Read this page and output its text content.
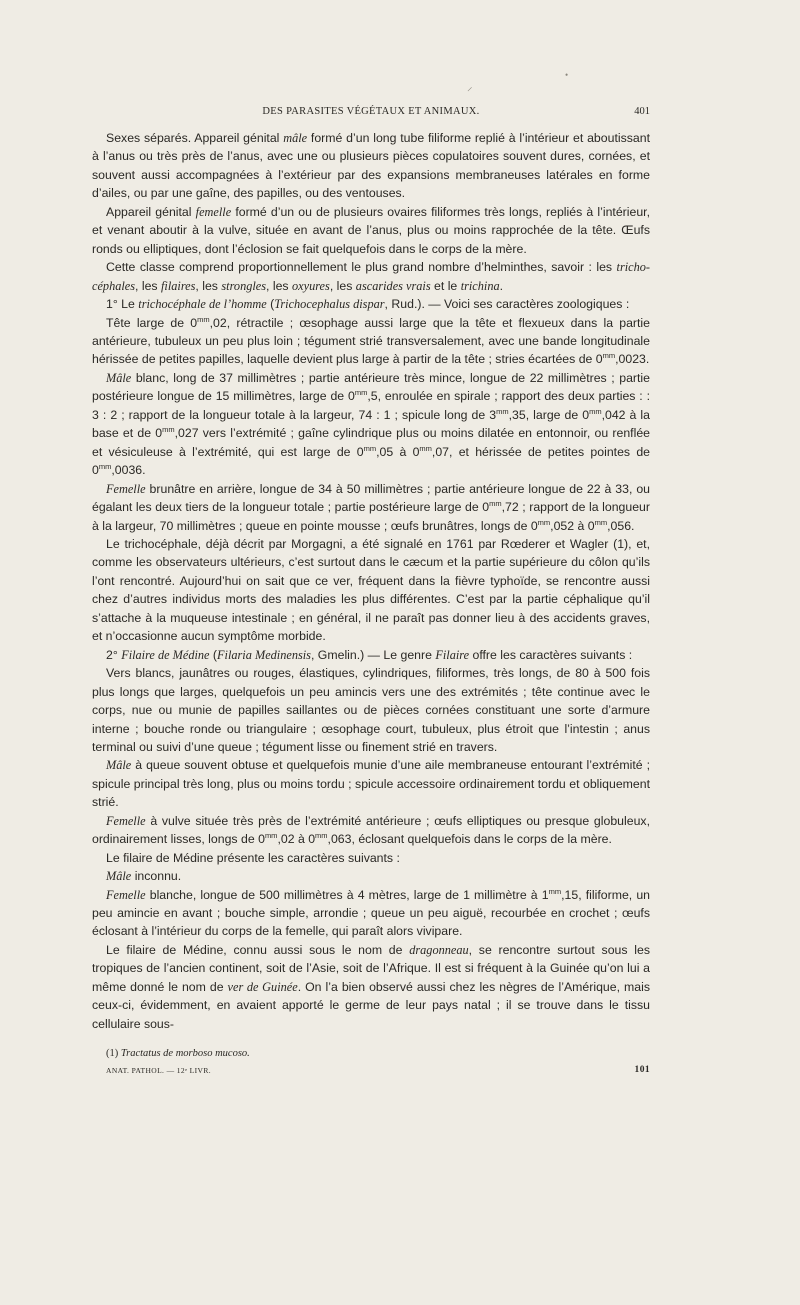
⸍
•
DES PARASITES VÉGÉTAUX ET ANIMAUX.	401

Sexes séparés. Appareil génital mâle formé d’un long tube filiforme replié à l’intérieur et aboutissant à l’anus ou très près de l’anus, avec une ou plusieurs pièces copulatoires souvent dures, cornées, et souvent aussi accompagnées à l’extérieur par des expansions membraneuses latérales en forme d’ailes, ou par une gaîne, des papilles, ou des ventouses.

Appareil génital femelle formé d’un ou de plusieurs ovaires filiformes très longs, repliés à l’intérieur, et venant aboutir à la vulve, située en avant de l’anus, plus ou moins rapprochée de la tête. Œufs ronds ou elliptiques, dont l’éclosion se fait quelquefois dans le corps de la mère.

Cette classe comprend proportionnellement le plus grand nombre d’helminthes, savoir : les tricho-céphales, les filaires, les strongles, les oxyures, les ascarides vrais et le trichina.

1° Le trichocéphale de l’homme (Trichocephalus dispar, Rud.). — Voici ses caractères zoologiques :

Tête large de $0^{mm},02$, rétractile ; œsophage aussi large que la tête et flexueux dans la partie antérieure, tubuleux un peu plus loin ; tégument strié transversalement, avec une bande longitudinale hérissée de petites papilles, laquelle devient plus large à partir de la tête ; stries écartées de $0^{mm},0023$.

Mâle blanc, long de 37 millimètres ; partie antérieure très mince, longue de 22 millimètres ; partie postérieure longue de 15 millimètres, large de $0^{mm},5$, enroulée en spirale ; rapport des deux parties : : 3 : 2 ; rapport de la longueur totale à la largeur, 74 : 1 ; spicule long de $3^{mm},35$, large de $0^{mm},042$ à la base et de $0^{mm},027$ vers l’extrémité ; gaîne cylindrique plus ou moins dilatée en entonnoir, ou renflée et vésiculeuse à l’extrémité, qui est large de $0^{mm},05$ à $0^{mm},07$, et hérissée de petites pointes de $0^{mm},0036$.

Femelle brunâtre en arrière, longue de 34 à 50 millimètres ; partie antérieure longue de 22 à 33, ou égalant les deux tiers de la longueur totale ; partie postérieure large de $0^{mm},72$ ; rapport de la longueur à la largeur, 70 millimètres ; queue en pointe mousse ; œufs brunâtres, longs de $0^{mm},052$ à $0^{mm},056$.

Le trichocéphale, déjà décrit par Morgagni, a été signalé en 1761 par Rœderer et Wagler (1), et, comme les observateurs ultérieurs, c’est surtout dans le cæcum et la partie supérieure du côlon qu’ils l’ont rencontré. Aujourd’hui on sait que ce ver, fréquent dans la fièvre typhoïde, se rencontre aussi chez d’autres individus morts des maladies les plus différentes. C’est par la partie céphalique qu’il s’attache à la muqueuse intestinale ; en général, il ne paraît pas donner lieu à des accidents graves, et n’occasionne aucun symptôme morbide.

2° Filaire de Médine (Filaria Medinensis, Gmelin.) — Le genre Filaire offre les caractères suivants :

Vers blancs, jaunâtres ou rouges, élastiques, cylindriques, filiformes, très longs, de 80 à 500 fois plus longs que larges, quelquefois un peu amincis vers une des extrémités ; tête continue avec le corps, nue ou munie de papilles saillantes ou de pièces cornées constituant une sorte d’armure interne ; bouche ronde ou triangulaire ; œsophage court, tubuleux, plus étroit que l’intestin ; anus terminal ou suivi d’une queue ; tégument lisse ou finement strié en travers.

Mâle à queue souvent obtuse et quelquefois munie d’une aile membraneuse entourant l’extrémité ; spicule principal très long, plus ou moins tordu ; spicule accessoire ordinairement tordu et obliquement strié.

Femelle à vulve située très près de l’extrémité antérieure ; œufs elliptiques ou presque globuleux, ordinairement lisses, longs de $0^{mm},02$ à $0^{mm},063$, éclosant quelquefois dans le corps de la mère.

Le filaire de Médine présente les caractères suivants :

Mâle inconnu.

Femelle blanche, longue de 500 millimètres à 4 mètres, large de 1 millimètre à $1^{mm},15$, filiforme, un peu amincie en avant ; bouche simple, arrondie ; queue un peu aiguë, recourbée en crochet ; œufs éclosant à l’intérieur du corps de la femelle, qui paraît alors vivipare.

Le filaire de Médine, connu aussi sous le nom de dragonneau, se rencontre surtout sous les tropiques de l’ancien continent, soit de l’Asie, soit de l’Afrique. Il est si fréquent à la Guinée qu’on lui a même donné le nom de ver de Guinée. On l’a bien observé aussi chez les nègres de l’Amérique, mais ceux-ci, évidemment, en avaient apporté le germe de leur pays natal ; il se trouve dans le tissu cellulaire sous-

(1) Tractatus de morboso mucoso.
ANAT. PATHOL. — 12ᵉ LIVR.	101
